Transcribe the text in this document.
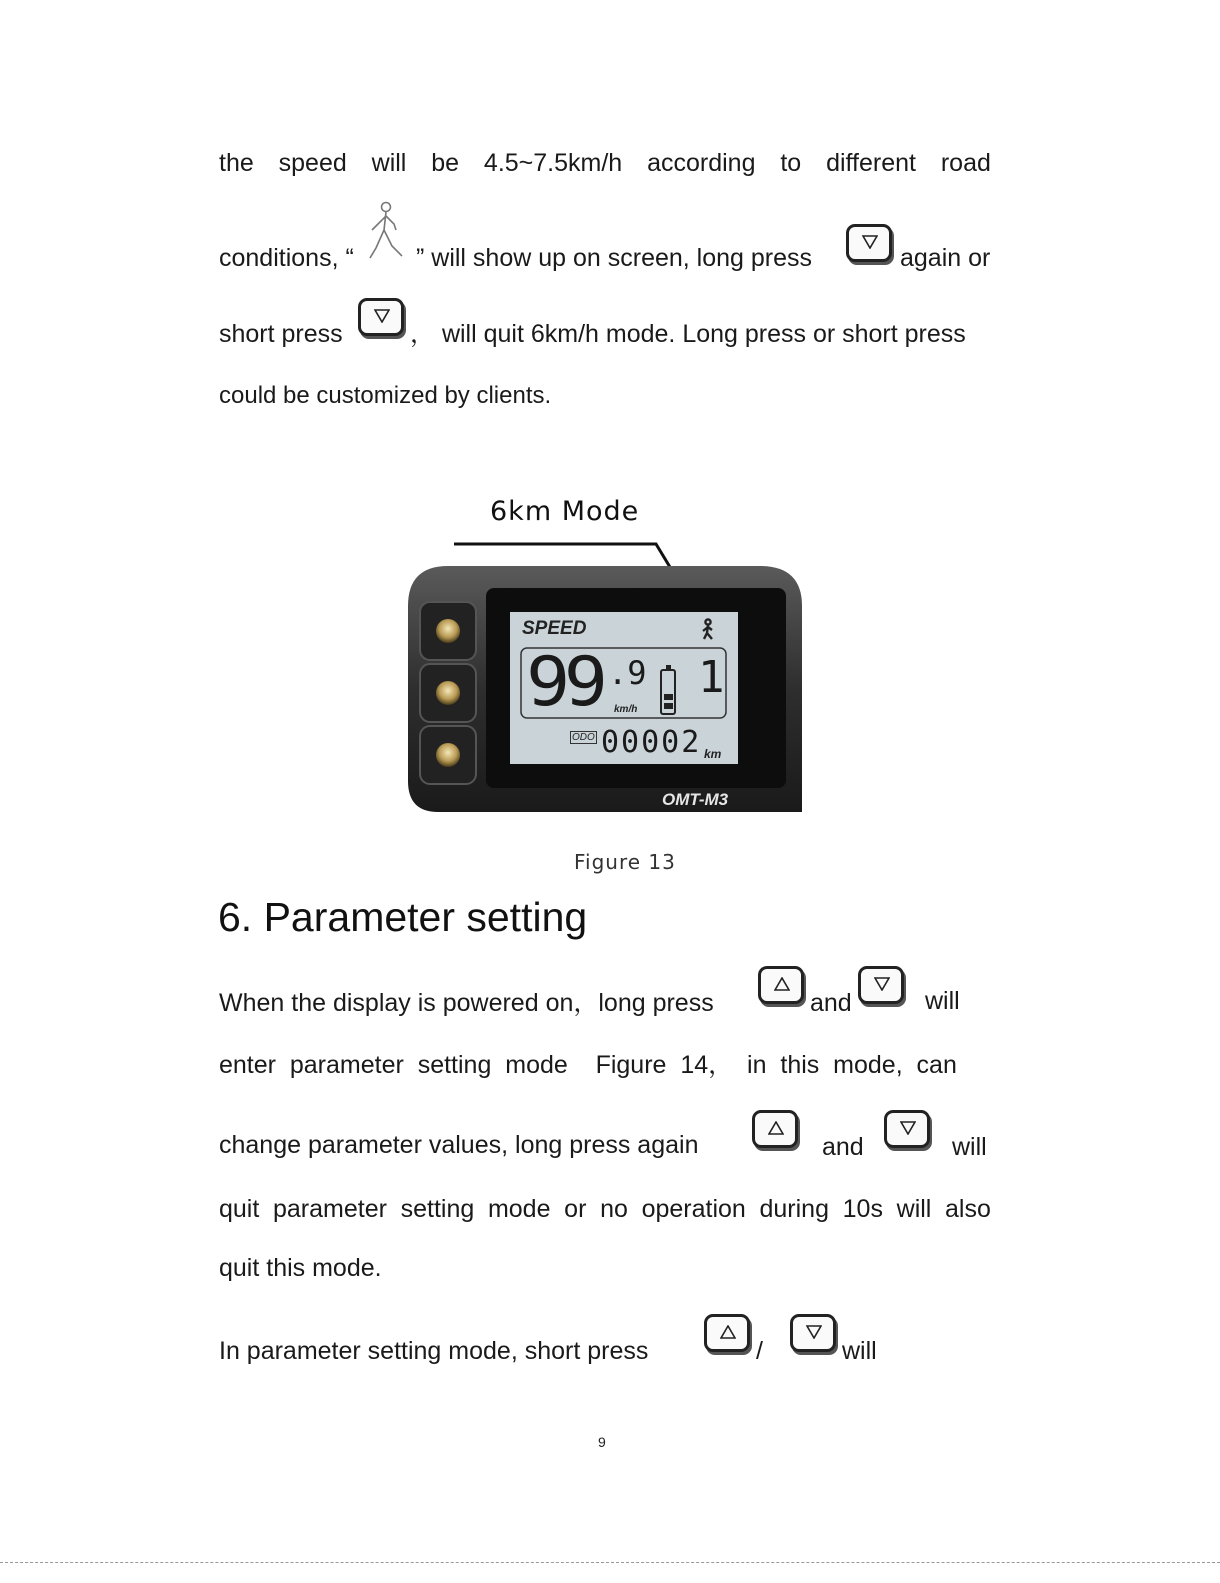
the speed will be 4.5~7.5km/h according to different road
conditions, “ ” will show up on screen, long press	again or
short press	， will quit 6km/h mode. Long press or short press
could be customized by clients.
6km Mode
SPEED
99 .9
km/h
1
ODO 00002 km
OMT-M3
Figure 13
6. Parameter setting
When the display is powered on，long press	and	will
enter  parameter  setting  mode    Figure  14，  in  this  mode,  can
change parameter values, long press again	and	will
quit parameter setting mode or no operation during 10s will also
quit this mode.
In parameter setting mode, short press	/	will
9
